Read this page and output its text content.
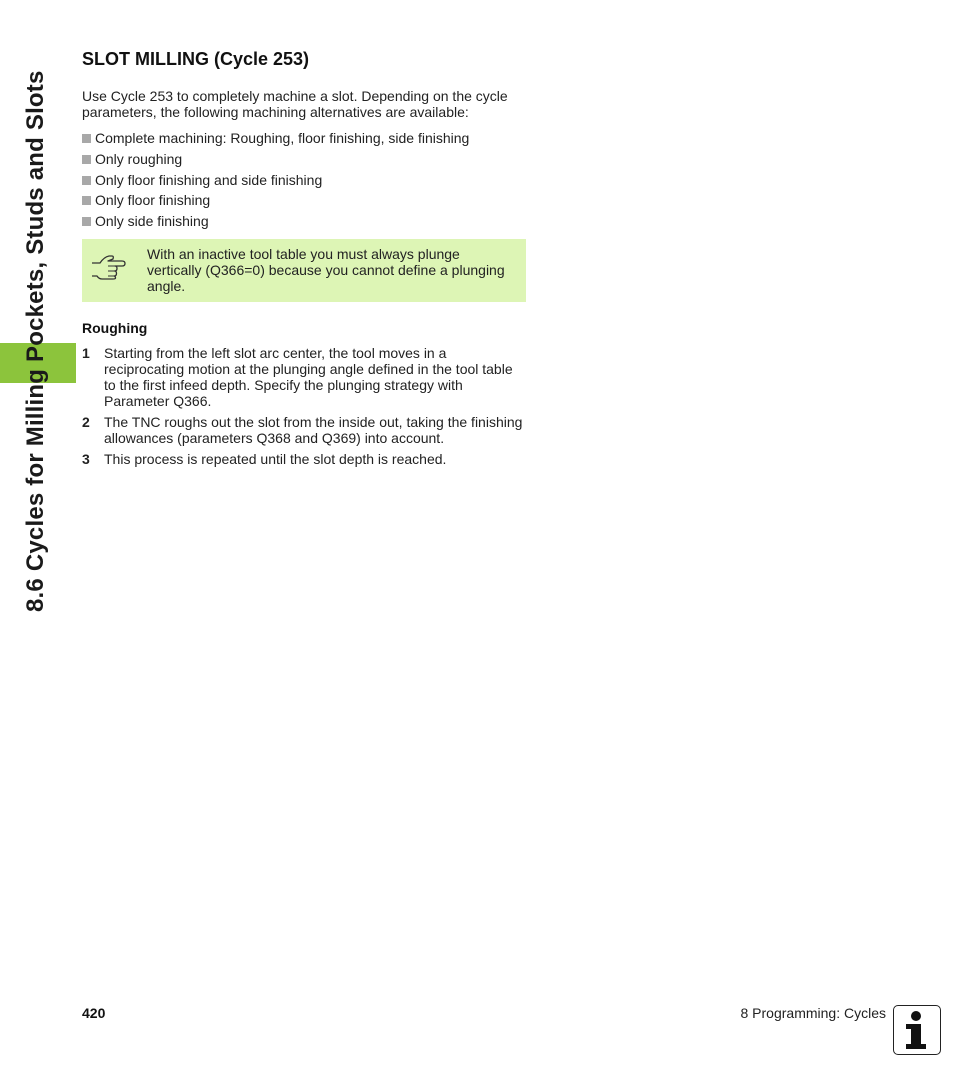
8.6 Cycles for Milling Pockets, Studs and Slots
SLOT MILLING (Cycle 253)

Use Cycle 253 to completely machine a slot. Depending on the cycle parameters, the following machining alternatives are available:

Complete machining: Roughing, floor finishing, side finishing
Only roughing
Only floor finishing and side finishing
Only floor finishing
Only side finishing
With an inactive tool table you must always plunge vertically (Q366=0) because you cannot define a plunging angle.
Roughing
1	Starting from the left slot arc center, the tool moves in a reciprocating motion at the plunging angle defined in the tool table to the first infeed depth. Specify the plunging strategy with Parameter Q366.
2	The TNC roughs out the slot from the inside out, taking the finishing allowances (parameters Q368 and Q369) into account.
3	This process is repeated until the slot depth is reached.
420	8 Programming: Cycles
